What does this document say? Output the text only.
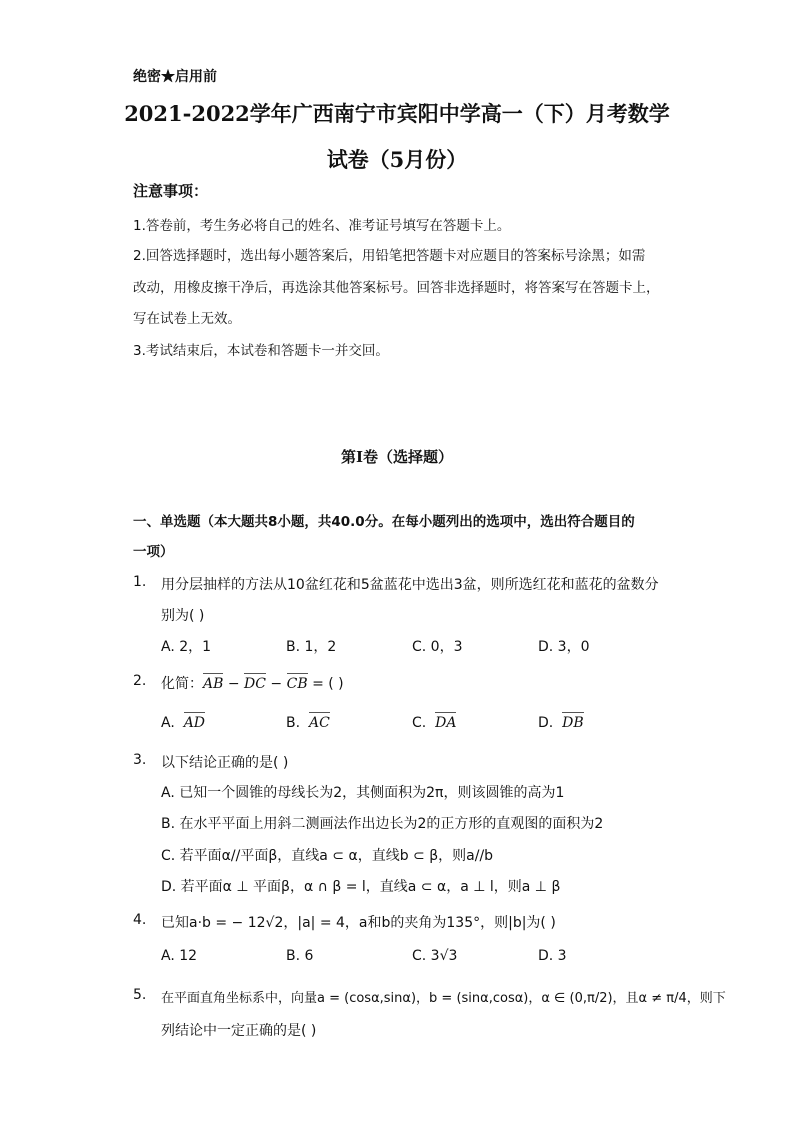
绝密★启用前
2021-2022学年广西南宁市宾阳中学高一（下）月考数学
试卷（5月份）
注意事项：
1.答卷前，考生务必将自己的姓名、准考证号填写在答题卡上。
2.回答选择题时，选出每小题答案后，用铅笔把答题卡对应题目的答案标号涂黑；如需
改动，用橡皮擦干净后，再选涂其他答案标号。回答非选择题时，将答案写在答题卡上，
写在试卷上无效。
3.考试结束后，本试卷和答题卡一并交回。
第I卷（选择题）
一、单选题（本大题共8小题，共40.0分。在每小题列出的选项中，选出符合题目的
一项）
1. 用分层抽样的方法从10盆红花和5盆蓝花中选出3盆，则所选红花和蓝花的盆数分
别为( )
A. 2，1	B. 1，2	C. 0，3	D. 3，0
2. 化简：AB − DC − CB = ( )
A. AD	B. AC	C. DA	D. DB
3. 以下结论正确的是( )
A. 已知一个圆锥的母线长为2，其侧面积为2π，则该圆锥的高为1
B. 在水平平面上用斜二测画法作出边长为2的正方形的直观图的面积为2
C. 若平面α//平面β，直线a ⊂ α，直线b ⊂ β，则a//b
D. 若平面α ⊥ 平面β，α ∩ β = l，直线a ⊂ α，a ⊥ l，则a ⊥ β
4. 已知a·b = − 12√2，|a| = 4，a和b的夹角为135°，则|b|为( )
A. 12	B. 6	C. 3√3	D. 3
5. 在平面直角坐标系中，向量a = (cosα,sinα)，b = (sinα,cosα)，α ∈ (0,π/2)，且α ≠ π/4，则下
列结论中一定正确的是( )
